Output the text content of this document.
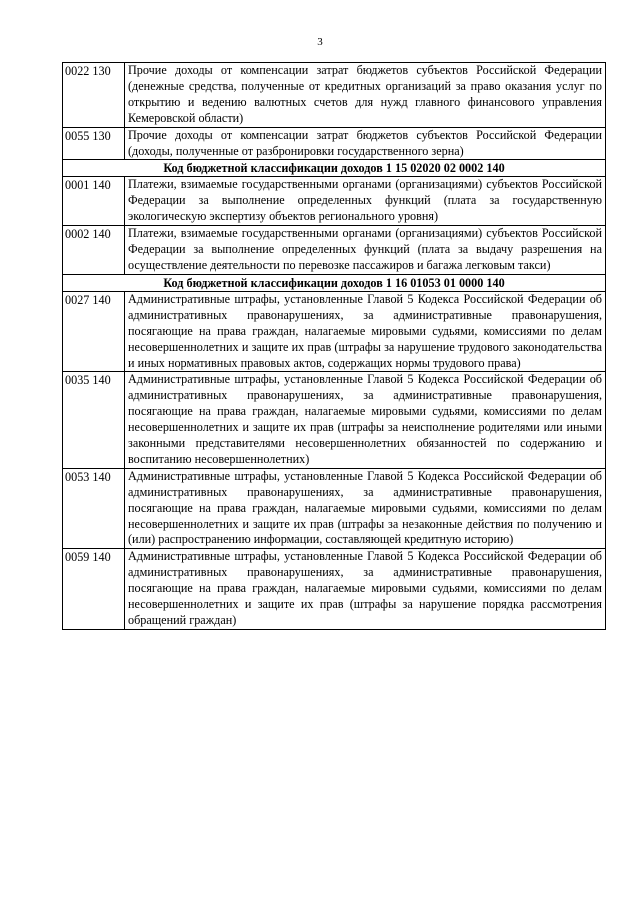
3
0022 130	Прочие доходы от компенсации затрат бюджетов субъектов Российской Федерации (денежные средства, полученные от кредитных организаций за право оказания услуг по открытию и ведению валютных счетов для нужд главного финансового управления Кемеровской области)
0055 130	Прочие доходы от компенсации затрат бюджетов субъектов Российской Федерации (доходы, полученные от разбронировки государственного зерна)
Код бюджетной классификации доходов 1 15 02020 02 0002 140	
0001 140	Платежи, взимаемые государственными органами (организациями) субъектов Российской Федерации за выполнение определенных функций (плата за государственную экологическую экспертизу объектов регионального уровня)
0002 140	Платежи, взимаемые государственными органами (организациями) субъектов Российской Федерации за выполнение определенных функций (плата за выдачу разрешения на осуществление деятельности по перевозке пассажиров и багажа легковым такси)
Код бюджетной классификации доходов 1 16 01053 01 0000 140	
0027 140	Административные штрафы, установленные Главой 5 Кодекса Российской Федерации об административных правонарушениях, за административные правонарушения, посягающие на права граждан, налагаемые мировыми судьями, комиссиями по делам несовершеннолетних и защите их прав (штрафы за нарушение трудового законодательства и иных нормативных правовых актов, содержащих нормы трудового права)
0035 140	Административные штрафы, установленные Главой 5 Кодекса Российской Федерации об административных правонарушениях, за административные правонарушения, посягающие на права граждан, налагаемые мировыми судьями, комиссиями по делам несовершеннолетних и защите их прав (штрафы за неисполнение родителями или иными законными представителями несовершеннолетних обязанностей по содержанию и воспитанию несовершеннолетних)
0053 140	Административные штрафы, установленные Главой 5 Кодекса Российской Федерации об административных правонарушениях, за административные правонарушения, посягающие на права граждан, налагаемые мировыми судьями, комиссиями по делам несовершеннолетних и защите их прав (штрафы за незаконные действия по получению и (или) распространению информации, составляющей кредитную историю)
0059 140	Административные штрафы, установленные Главой 5 Кодекса Российской Федерации об административных правонарушениях, за административные правонарушения, посягающие на права граждан, налагаемые мировыми судьями, комиссиями по делам несовершеннолетних и защите их прав (штрафы за нарушение порядка рассмотрения обращений граждан)
